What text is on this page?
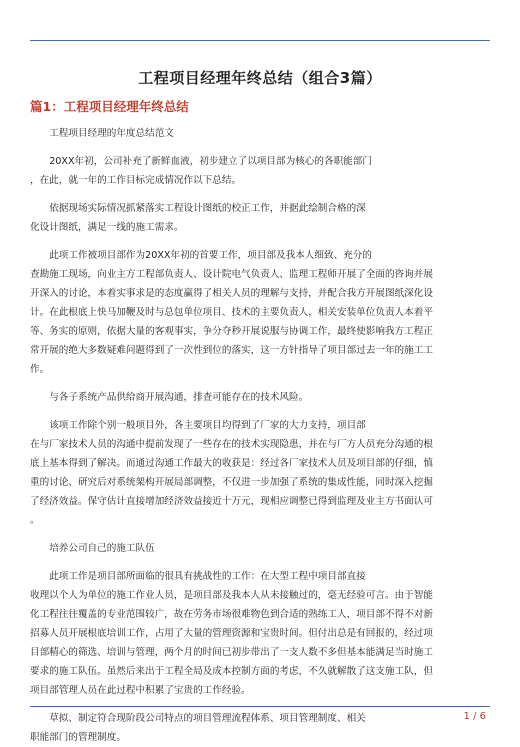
工程项目经理年终总结（组合3篇）
篇1：工程项目经理年终总结

工程项目经理的年度总结范文

20XX年初，公司补充了新鲜血液，初步建立了以项目部为核心的各职能部门
，在此，就一年的工作目标完成情况作以下总结。

依据现场实际情况抓紧落实工程设计图纸的校正工作，并据此绘制合格的深
化设计图纸，满足一线的施工需求。

此项工作被项目部作为20XX年初的首要工作，项目部及我本人细致、充分的
查勘施工现场，向业主方工程部负责人、设计院电气负责人、监理工程师开展了全面的咨询并展
开深入的讨论，本着实事求是的态度赢得了相关人员的理解与支持，并配合我方开展图纸深化设
计。在此根底上快马加鞭及时与总包单位项目、技术的主要负责人，相关安装单位负责人本着平
等、务实的原则，依据大量的客观事实，争分夺秒开展说服与协调工作，最终使影响我方工程正
常开展的绝大多数疑难问题得到了一次性到位的落实，这一方针指导了项目部过去一年的施工工
作。

与各子系统产品供给商开展沟通，排查可能存在的技术风险。

该项工作除个别一般项目外，各主要项目均得到了厂家的大力支持，项目部
在与厂家技术人员的沟通中提前发现了一些存在的技术实现隐患，并在与厂方人员充分沟通的根
底上基本得到了解决。而通过沟通工作最大的收获是：经过各厂家技术人员及项目部的仔细，慎
重的讨论、研究后对系统架构开展局部调整，不仅进一步加强了系统的集成性能，同时深入挖掘
了经济效益。保守估计直接增加经济效益接近十万元，现相应调整已得到监理及业主方书面认可
。

培养公司自己的施工队伍

此项工作是项目部所面临的很具有挑战性的工作：在大型工程中项目部直接
收理以个人为单位的施工作业人员，是项目部及我本人从未接触过的，毫无经验可言。由于智能
化工程往往覆盖的专业范围较广，故在劳务市场很难物色到合适的熟练工人，项目部不得不对新
招募人员开展根底培训工作，占用了大量的管理资源和宝贵时间。但付出总是有回报的，经过项
目部精心的筛选、培训与管理，两个月的时间已初步带出了一支人数不多但基本能满足当时施工
要求的施工队伍。虽然后来出于工程全局及成本控制方面的考虑，不久就解散了这支施工队，但
项目部管理人员在此过程中积累了宝贵的工作经验。

草拟、制定符合现阶段公司特点的项目管理流程体系、项目管理制度、相关
职能部门的管理制度。

1 / 6
